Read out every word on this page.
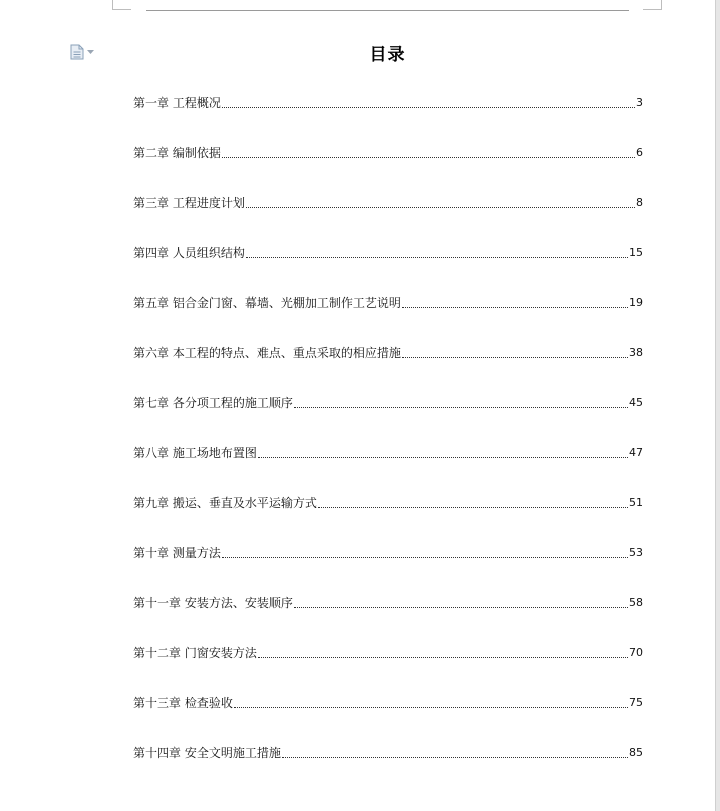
目录
第一章 工程概况	3
第二章 编制依据	6
第三章 工程进度计划	8
第四章 人员组织结构	15
第五章 铝合金门窗、幕墙、光棚加工制作工艺说明	19
第六章 本工程的特点、难点、重点采取的相应措施	38
第七章 各分项工程的施工顺序	45
第八章 施工场地布置图	47
第九章 搬运、垂直及水平运输方式	51
第十章 测量方法	53
第十一章 安装方法、安装顺序	58
第十二章 门窗安装方法	70
第十三章 检查验收	75
第十四章 安全文明施工措施	85
